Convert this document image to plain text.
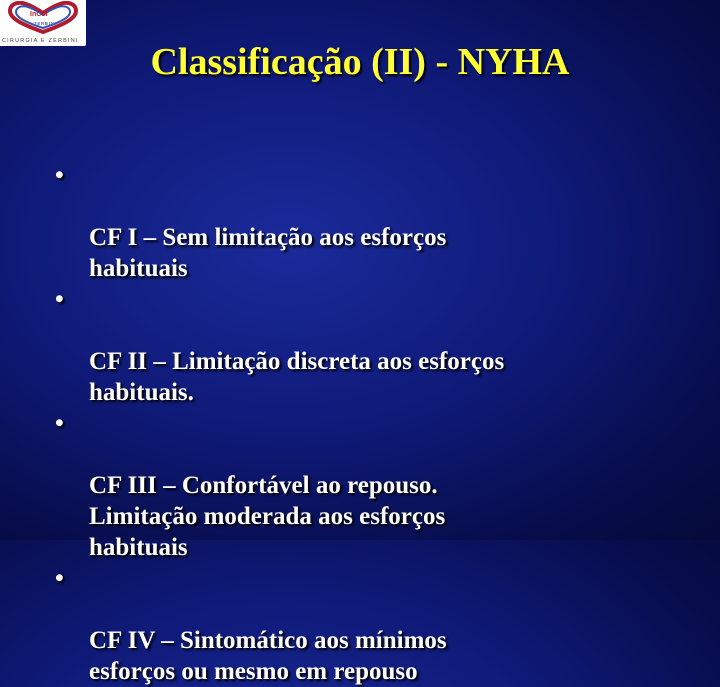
InCor
ZERBINI
CIRURGIA E ZERBINI	Classificação (II) - NYHA

•

CF I – Sem limitação aos esforços
habituais

•

CF II – Limitação discreta aos esforços
habituais.

•

CF III – Confortável ao repouso.
Limitação moderada aos esforços
habituais

•

CF IV – Sintomático aos mínimos
esforços ou mesmo em repouso
